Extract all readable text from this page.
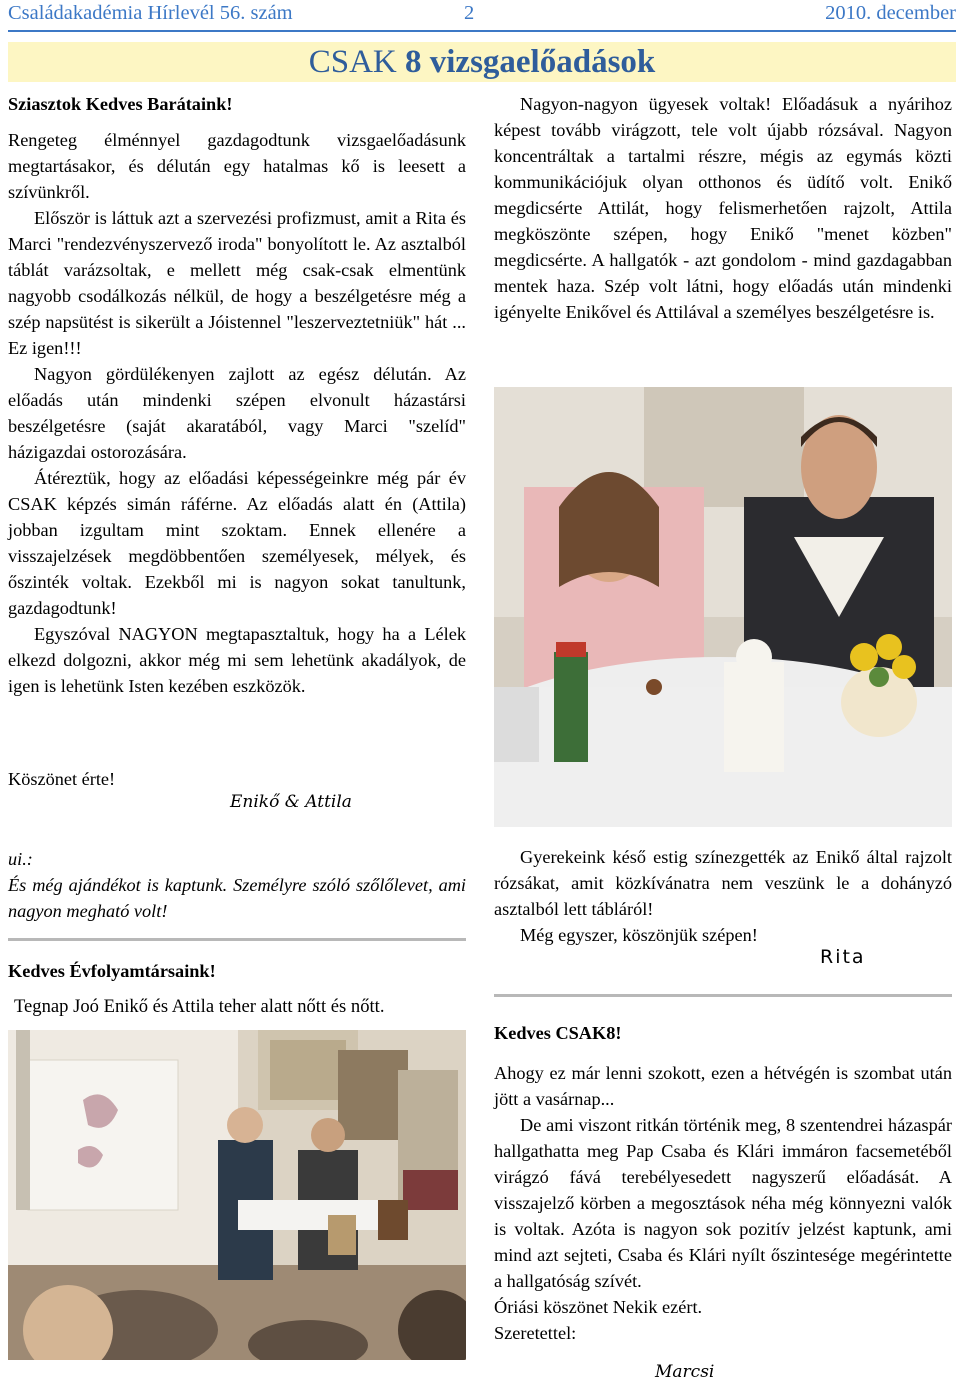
Családakadémia Hírlevél 56. szám	2	2010. december
CSAK 8 vizsgaelőadások

Sziasztok Kedves Barátaink!

Rengeteg élménnyel gazdagodtunk vizsgaelőadásunk megtartásakor, és délután egy hatalmas kő is leesett a szívünkről.

Először is láttuk azt a szervezési profizmust, amit a Rita és Marci "rendezvényszervező iroda" bonyolított le. Az asztalból táblát varázsoltak, e mellett még csak-csak elmentünk nagyobb csodálkozás nélkül, de hogy a beszélgetésre még a szép napsütést is sikerült a Jóistennel "leszerveztetniük" hát ... Ez igen!!!

Nagyon gördülékenyen zajlott az egész délután. Az előadás után mindenki szépen elvonult házastársi beszélgetésre (saját akaratából, vagy Marci "szelíd" házigazdai ostorozására.

Átéreztük, hogy az előadási képességeinkre még pár év CSAK képzés simán ráférne. Az előadás alatt én (Attila) jobban izgultam mint szoktam. Ennek ellenére a visszajelzések megdöbbentően személyesek, mélyek, és őszinték voltak. Ezekből mi is nagyon sokat tanultunk, gazdagodtunk!

Egyszóval NAGYON megtapasztaltuk, hogy ha a Lélek elkezd dolgozni, akkor még mi sem lehetünk akadályok, de igen is lehetünk Isten kezében eszközök.

Köszönet érte!
Enikő & Attila

ui.:

És még ajándékot is kaptunk. Személyre szóló szőlőlevet, ami nagyon megható volt!

Kedves Évfolyamtársaink!

Tegnap Joó Enikő és Attila teher alatt nőtt és nőtt.

Nagyon-nagyon ügyesek voltak! Előadásuk a nyárihoz képest tovább virágzott, tele volt újabb rózsával. Nagyon koncentráltak a tartalmi részre, mégis az egymás közti kommunikációjuk olyan otthonos és üdítő volt. Enikő megdicsérte Attilát, hogy felismerhetően rajzolt, Attila megköszönte szépen, hogy Enikő "menet közben" megdicsérte. A hallgatók - azt gondolom - mind gazdagabban mentek haza. Szép volt látni, hogy előadás után mindenki igényelte Enikővel és Attilával a személyes beszélgetésre is.

Gyerekeink késő estig színezgették az Enikő által rajzolt rózsákat, amit közkívánatra nem veszünk le a dohányzó asztalból lett tábláról!

Még egyszer, köszönjük szépen!

Rita

Kedves CSAK8!

Ahogy ez már lenni szokott, ezen a hétvégén is szombat után jött a vasárnap...

De ami viszont ritkán történik meg, 8 szentendrei házaspár hallgathatta meg Pap Csaba és Klári immáron facsemetéből virágzó fává terebélyesedett nagyszerű előadását. A visszajelző körben a megosztások néha még könnyezni valók is voltak. Azóta is nagyon sok pozitív jelzést kaptunk, ami mind azt sejteti, Csaba és Klári nyílt őszintesége megérintette a hallgatóság szívét.

Óriási köszönet Nekik ezért.

Szeretettel:

Marcsi
